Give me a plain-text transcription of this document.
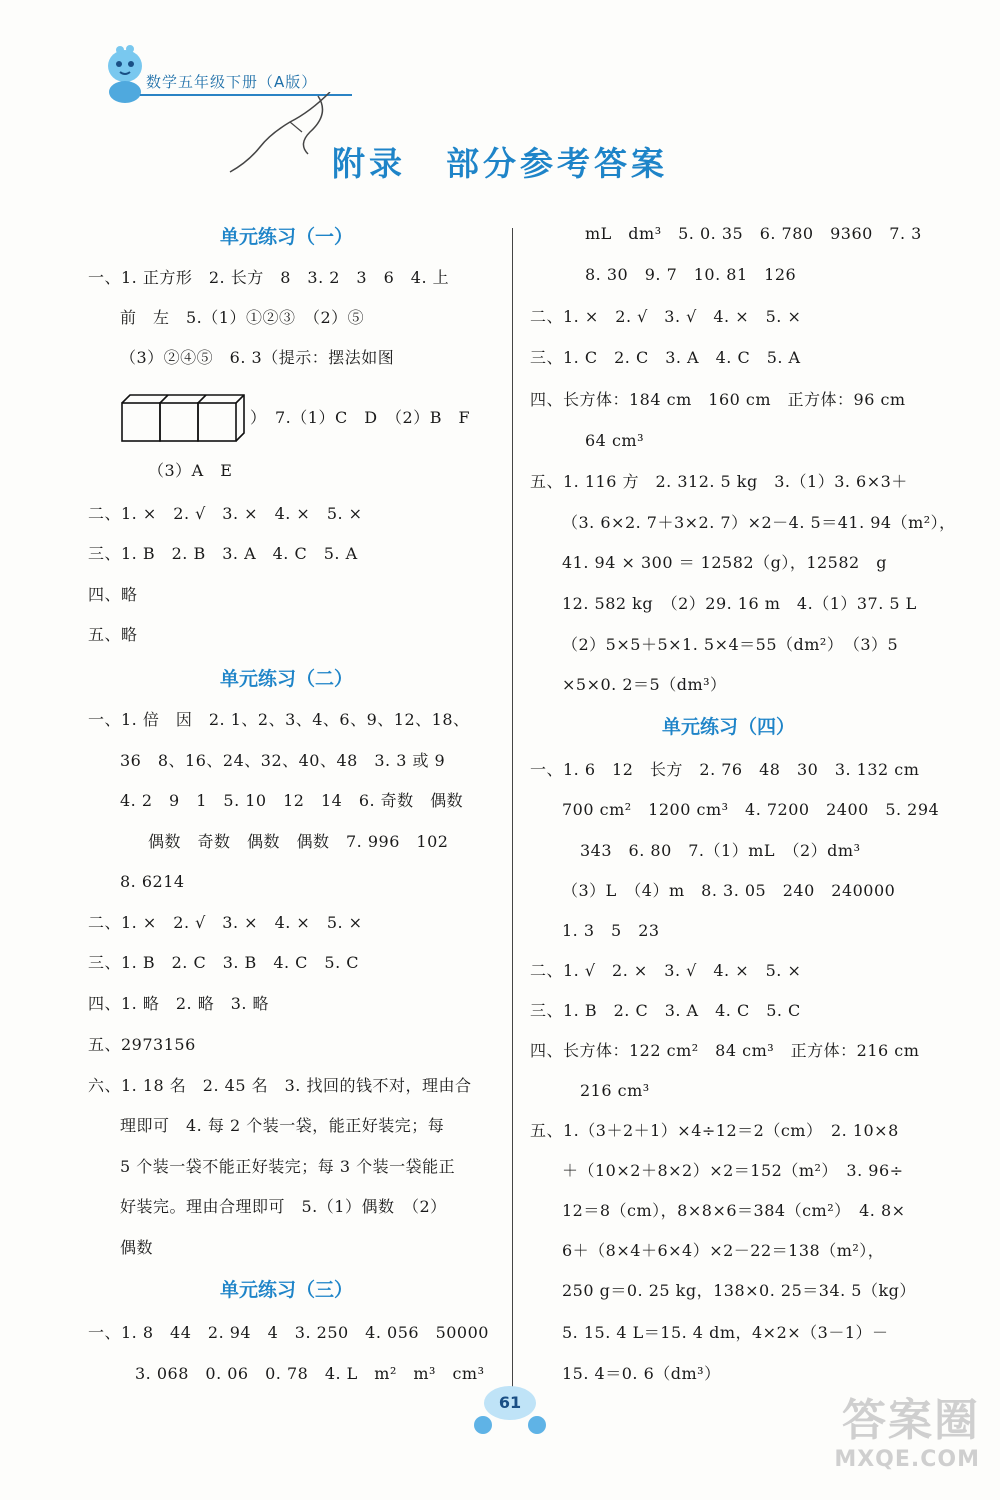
数学五年级下册（A版）
附录 部分参考答案
单元练习（一）
一、1. 正方形　2. 长方　8　3. 2　3　6　4. 上
前　左　5.（1）①②③　（2）⑤
（3）②④⑤　6. 3（提示：摆法如图
）　7.（1）C　D　（2）B　F
（3）A　E
二、1. ×　2. √　3. ×　4. ×　5. ×
三、1. B　2. B　3. A　4. C　5. A
四、略
五、略
单元练习（二）
一、1. 倍　因　2. 1、2、3、4、6、9、12、18、
36　8、16、24、32、40、48　3. 3 或 9
4. 2　9　1　5. 10　12　14　6. 奇数　偶数
偶数　奇数　偶数　偶数　7. 996　102
8. 6214
二、1. ×　2. √　3. ×　4. ×　5. ×
三、1. B　2. C　3. B　4. C　5. C
四、1. 略　2. 略　3. 略
五、2973156
六、1. 18 名　2. 45 名　3. 找回的钱不对，理由合
理即可　4. 每 2 个装一袋，能正好装完；每
5 个装一袋不能正好装完；每 3 个装一袋能正
好装完。理由合理即可　5.（1）偶数　（2）
偶数
单元练习（三）
一、1. 8　44　2. 94　4　3. 250　4. 056　50000
3. 068　0. 06　0. 78　4. L　m²　m³　cm³
mL　dm³　5. 0. 35　6. 780　9360　7. 3
8. 30　9. 7　10. 81　126
二、1. ×　2. √　3. √　4. ×　5. ×
三、1. C　2. C　3. A　4. C　5. A
四、长方体：184 cm　160 cm　正方体：96 cm
64 cm³
五、1. 116 方　2. 312. 5 kg　3.（1）3. 6×3＋
（3. 6×2. 7＋3×2. 7）×2－4. 5＝41. 94（m²），
41. 94 × 300 ＝ 12582（g），12582　g
12. 582 kg　（2）29. 16 m　4.（1）37. 5 L
（2）5×5＋5×1. 5×4＝55（dm²）　（3）5
×5×0. 2＝5（dm³）
单元练习（四）
一、1. 6　12　长方　2. 76　48　30　3. 132 cm
700 cm²　1200 cm³　4. 7200　2400　5. 294
343　6. 80　7.（1）mL　（2）dm³
（3）L　（4）m　8. 3. 05　240　240000
1. 3　5　23
二、1. √　2. ×　3. √　4. ×　5. ×
三、1. B　2. C　3. A　4. C　5. C
四、长方体：122 cm²　84 cm³　正方体：216 cm
216 cm³
五、1.（3＋2＋1）×4÷12＝2（cm）　2. 10×8
＋（10×2＋8×2）×2＝152（m²）　3. 96÷
12＝8（cm），8×8×6＝384（cm²）　4. 8×
6＋（8×4＋6×4）×2－22＝138（m²），
250 g＝0. 25 kg，138×0. 25＝34. 5（kg）
5. 15. 4 L＝15. 4 dm，4×2×（3－1）－
15. 4＝0. 6（dm³）
61	答案圈
MXQE.COM
